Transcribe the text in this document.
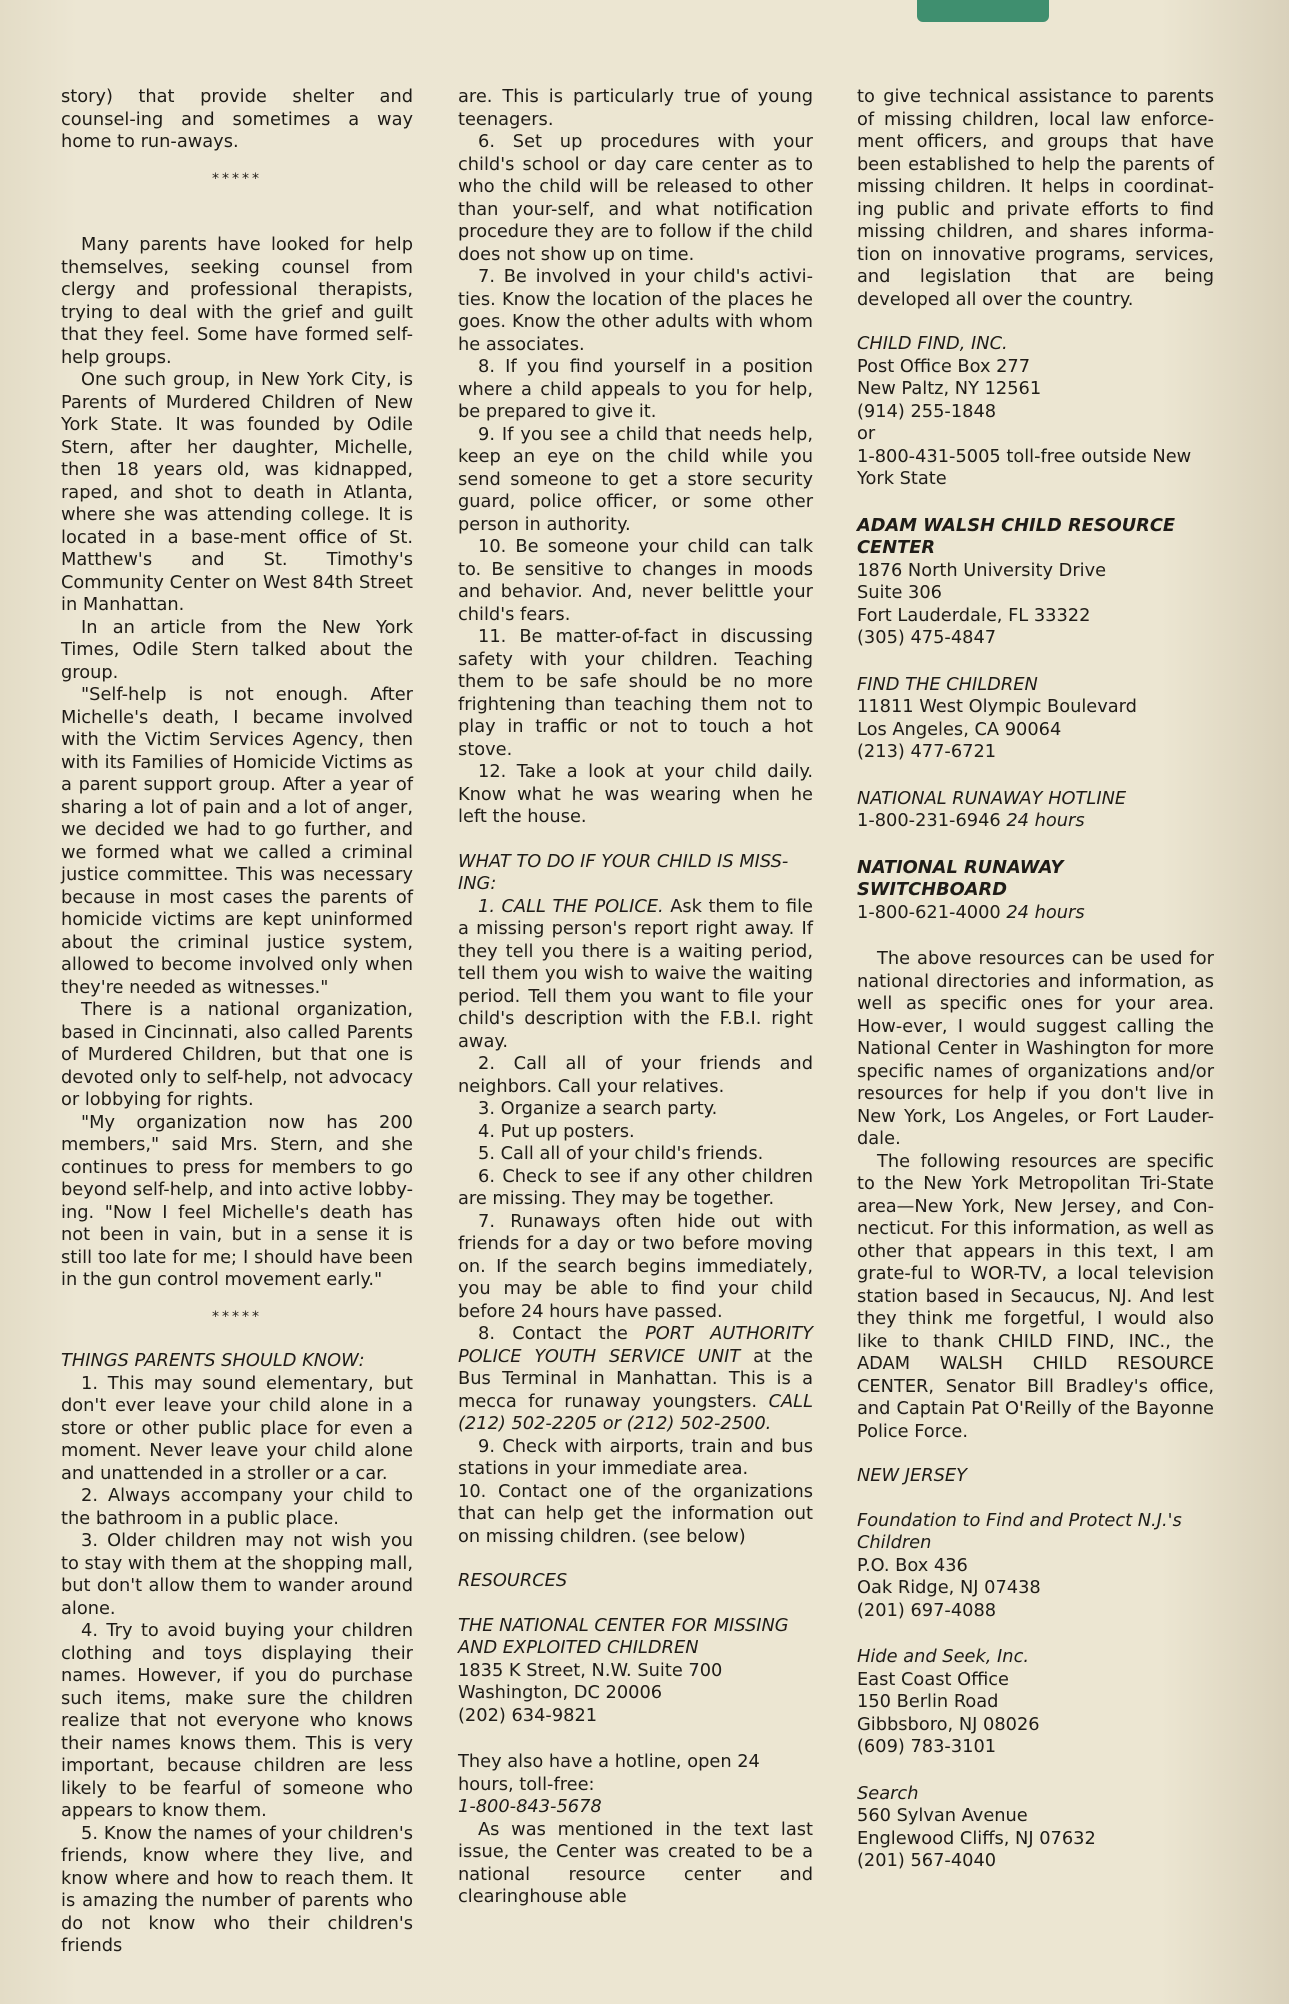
story) that provide shelter and counsel-ing and sometimes a way home to run-aways.

*****

Many parents have looked for help themselves, seeking counsel from clergy and professional therapists, trying to deal with the grief and guilt that they feel. Some have formed self-help groups.

One such group, in New York City, is Parents of Murdered Children of New York State. It was founded by Odile Stern, after her daughter, Michelle, then 18 years old, was kidnapped, raped, and shot to death in Atlanta, where she was attending college. It is located in a base-ment office of St. Matthew's and St. Timothy's Community Center on West 84th Street in Manhattan.

In an article from the New York Times, Odile Stern talked about the group.

"Self-help is not enough. After Michelle's death, I became involved with the Victim Services Agency, then with its Families of Homicide Victims as a parent support group. After a year of sharing a lot of pain and a lot of anger, we decided we had to go further, and we formed what we called a criminal justice committee. This was necessary because in most cases the parents of homicide victims are kept uninformed about the criminal justice system, allowed to become involved only when they're needed as witnesses."

There is a national organization, based in Cincinnati, also called Parents of Murdered Children, but that one is devoted only to self-help, not advocacy or lobbying for rights.

"My organization now has 200 members," said Mrs. Stern, and she continues to press for members to go beyond self-help, and into active lobby-ing. "Now I feel Michelle's death has not been in vain, but in a sense it is still too late for me; I should have been in the gun control movement early."

*****

THINGS PARENTS SHOULD KNOW:

1. This may sound elementary, but don't ever leave your child alone in a store or other public place for even a moment. Never leave your child alone and unattended in a stroller or a car.

2. Always accompany your child to the bathroom in a public place.

3. Older children may not wish you to stay with them at the shopping mall, but don't allow them to wander around alone.

4. Try to avoid buying your children clothing and toys displaying their names. However, if you do purchase such items, make sure the children realize that not everyone who knows their names knows them. This is very important, because children are less likely to be fearful of someone who appears to know them.

5. Know the names of your children's friends, know where they live, and know where and how to reach them. It is amazing the number of parents who do not know who their children's friends

are. This is particularly true of young teenagers.

6. Set up procedures with your child's school or day care center as to who the child will be released to other than your-self, and what notification procedure they are to follow if the child does not show up on time.

7. Be involved in your child's activi-ties. Know the location of the places he goes. Know the other adults with whom he associates.

8. If you find yourself in a position where a child appeals to you for help, be prepared to give it.

9. If you see a child that needs help, keep an eye on the child while you send someone to get a store security guard, police officer, or some other person in authority.

10. Be someone your child can talk to. Be sensitive to changes in moods and behavior. And, never belittle your child's fears.

11. Be matter-of-fact in discussing safety with your children. Teaching them to be safe should be no more frightening than teaching them not to play in traffic or not to touch a hot stove.

12. Take a look at your child daily. Know what he was wearing when he left the house.

WHAT TO DO IF YOUR CHILD IS MISS-ING:

1. CALL THE POLICE. Ask them to file a missing person's report right away. If they tell you there is a waiting period, tell them you wish to waive the waiting period. Tell them you want to file your child's description with the F.B.I. right away.

2. Call all of your friends and neighbors. Call your relatives.

3. Organize a search party.

4. Put up posters.

5. Call all of your child's friends.

6. Check to see if any other children are missing. They may be together.

7. Runaways often hide out with friends for a day or two before moving on. If the search begins immediately, you may be able to find your child before 24 hours have passed.

8. Contact the PORT AUTHORITY POLICE YOUTH SERVICE UNIT at the Bus Terminal in Manhattan. This is a mecca for runaway youngsters. CALL (212) 502-2205 or (212) 502-2500.

9. Check with airports, train and bus stations in your immediate area.

10. Contact one of the organizations that can help get the information out on missing children. (see below)

RESOURCES

THE NATIONAL CENTER FOR MISSING AND EXPLOITED CHILDREN

1835 K Street, N.W. Suite 700

Washington, DC 20006

(202) 634-9821

They also have a hotline, open 24 hours, toll-free:

1-800-843-5678

As was mentioned in the text last issue, the Center was created to be a national resource center and clearinghouse able

to give technical assistance to parents of missing children, local law enforce-ment officers, and groups that have been established to help the parents of missing children. It helps in coordinat-ing public and private efforts to find missing children, and shares informa-tion on innovative programs, services, and legislation that are being developed all over the country.

CHILD FIND, INC.

Post Office Box 277

New Paltz, NY 12561

(914) 255-1848

or

1-800-431-5005 toll-free outside New York State

ADAM WALSH CHILD RESOURCE CENTER

1876 North University Drive

Suite 306

Fort Lauderdale, FL 33322

(305) 475-4847

FIND THE CHILDREN

11811 West Olympic Boulevard

Los Angeles, CA 90064

(213) 477-6721

NATIONAL RUNAWAY HOTLINE

1-800-231-6946 24 hours

NATIONAL RUNAWAY SWITCHBOARD

1-800-621-4000 24 hours

The above resources can be used for national directories and information, as well as specific ones for your area. How-ever, I would suggest calling the National Center in Washington for more specific names of organizations and/or resources for help if you don't live in New York, Los Angeles, or Fort Lauder-dale.

The following resources are specific to the New York Metropolitan Tri-State area—New York, New Jersey, and Con-necticut. For this information, as well as other that appears in this text, I am grate-ful to WOR-TV, a local television station based in Secaucus, NJ. And lest they think me forgetful, I would also like to thank CHILD FIND, INC., the ADAM WALSH CHILD RESOURCE CENTER, Senator Bill Bradley's office, and Captain Pat O'Reilly of the Bayonne Police Force.

NEW JERSEY

Foundation to Find and Protect N.J.'s Children

P.O. Box 436

Oak Ridge, NJ 07438

(201) 697-4088

Hide and Seek, Inc.

East Coast Office

150 Berlin Road

Gibbsboro, NJ 08026

(609) 783-3101

Search

560 Sylvan Avenue

Englewood Cliffs, NJ 07632

(201) 567-4040
